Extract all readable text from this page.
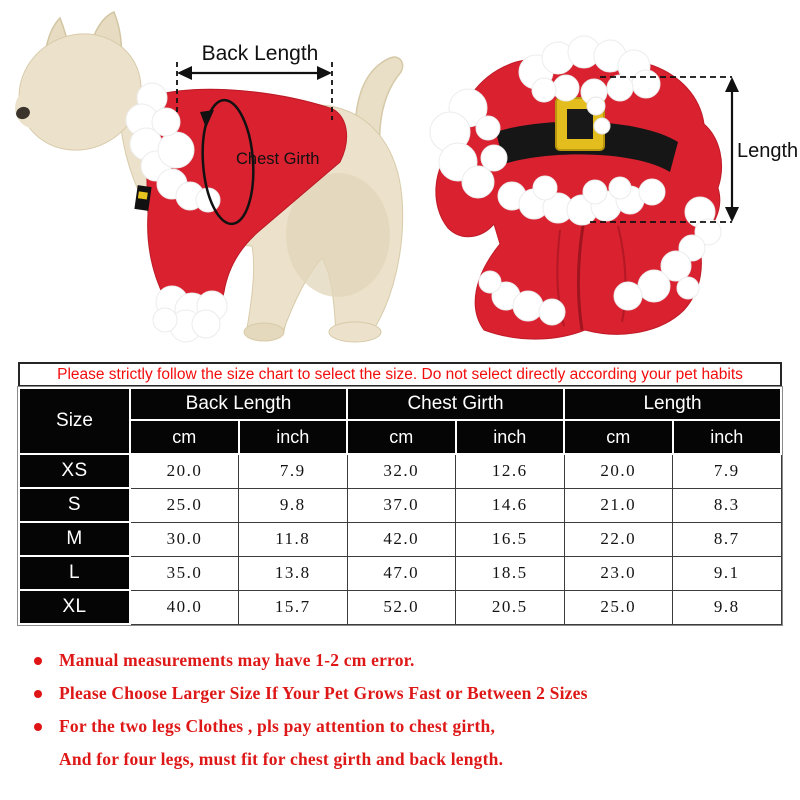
Back Length
Chest Girth	Length
Please strictly follow the size chart to select the size. Do not select directly according your pet habits
Size	Back Length		Chest Girth		Length	
	cm	inch	cm	inch	cm	inch
XS	20.0	7.9	32.0	12.6	20.0	7.9
S	25.0	9.8	37.0	14.6	21.0	8.3
M	30.0	11.8	42.0	16.5	22.0	8.7
L	35.0	13.8	47.0	18.5	23.0	9.1
XL	40.0	15.7	52.0	20.5	25.0	9.8
Manual measurements may have 1-2 cm error.
Please Choose Larger Size If Your Pet Grows Fast or Between 2 Sizes
For the two legs Clothes , pls pay attention to chest girth,
And for four legs, must fit for chest girth and back length.
